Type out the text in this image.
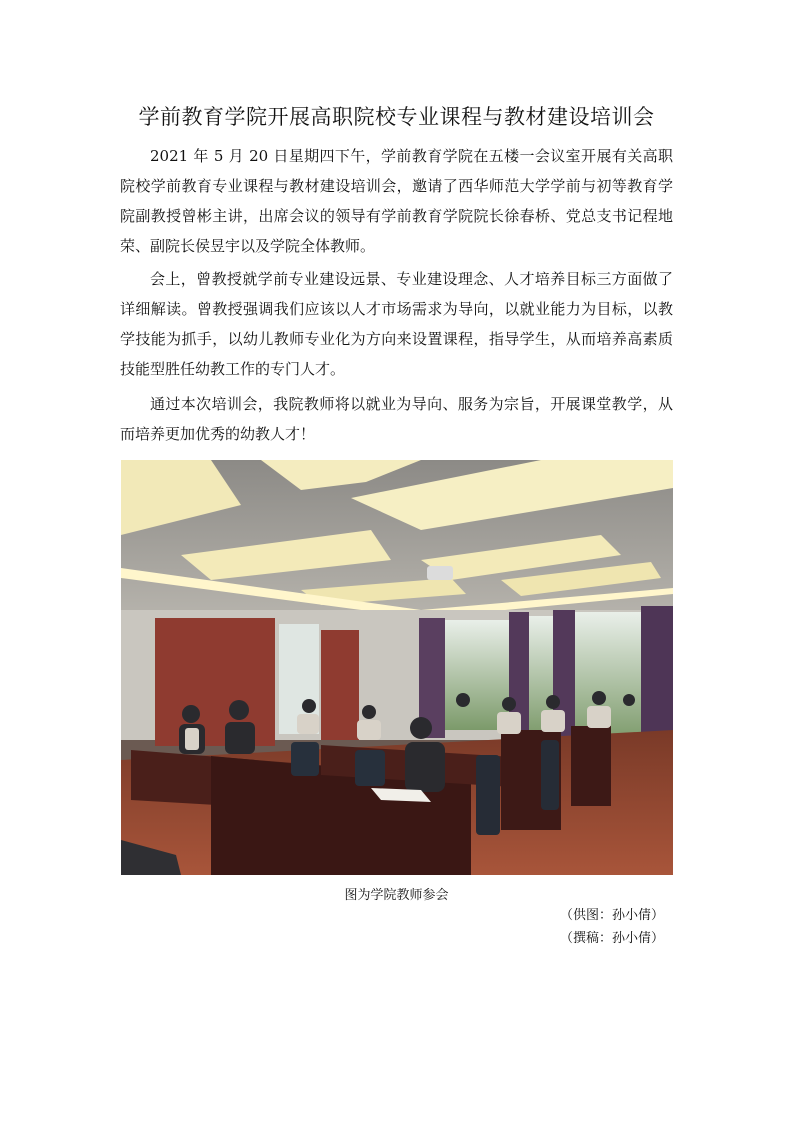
学前教育学院开展高职院校专业课程与教材建设培训会

2021 年 5 月 20 日星期四下午，学前教育学院在五楼一会议室开展有关高职院校学前教育专业课程与教材建设培训会，邀请了西华师范大学学前与初等教育学院副教授曾彬主讲，出席会议的领导有学前教育学院院长徐春桥、党总支书记程地荣、副院长侯昱宇以及学院全体教师。

会上，曾教授就学前专业建设远景、专业建设理念、人才培养目标三方面做了详细解读。曾教授强调我们应该以人才市场需求为导向，以就业能力为目标，以教学技能为抓手，以幼儿教师专业化为方向来设置课程，指导学生，从而培养高素质技能型胜任幼教工作的专门人才。

通过本次培训会，我院教师将以就业为导向、服务为宗旨，开展课堂教学，从而培养更加优秀的幼教人才！

图为学院教师参会
（供图：孙小倩）
（撰稿：孙小倩）
